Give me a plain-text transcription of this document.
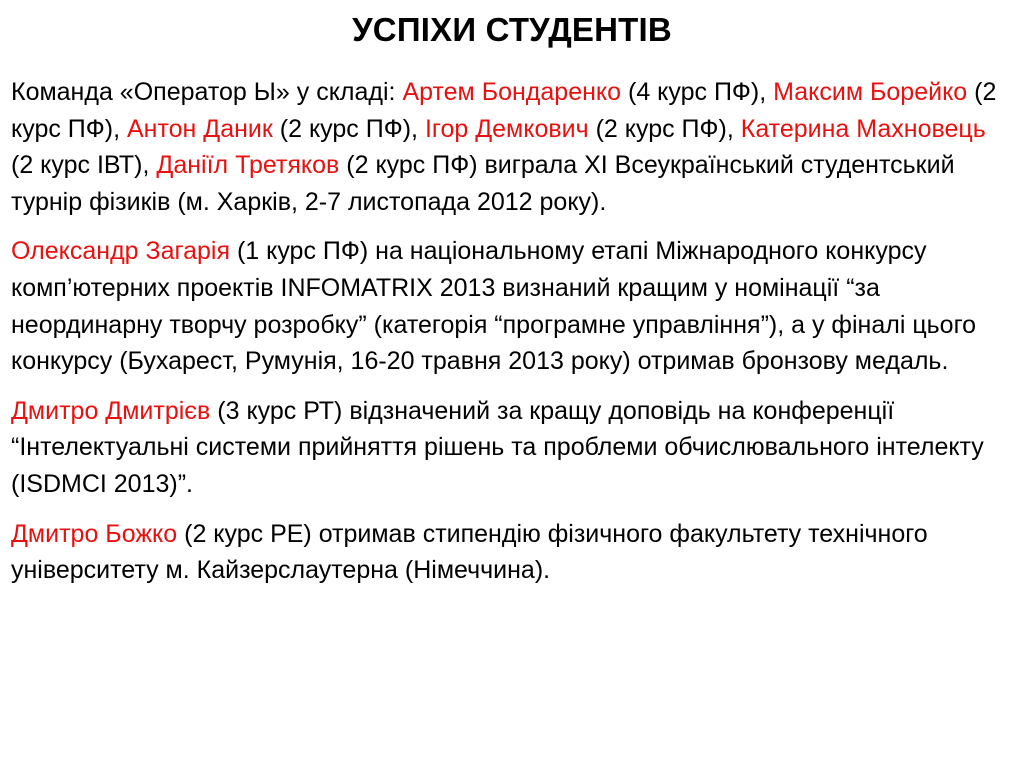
УСПІХИ СТУДЕНТІВ

Команда «Оператор Ы» у складі: Артем Бондаренко (4 курс ПФ), Максим Борейко (2 курс ПФ), Антон Даник (2 курс ПФ), Ігор Демкович (2 курс ПФ), Катерина Махновець (2 курс ІВТ), Даніїл Третяков (2 курс ПФ) виграла ХІ Всеукраїнський студентський турнір фізиків (м. Харків, 2-7 листопада 2012 року).

Олександр Загарія (1 курс ПФ) на національному етапі Міжнародного конкурсу комп’ютерних проектів INFOMATRIX 2013 визнаний кращим у номінації “за неординарну творчу розробку” (категорія “програмне управління”), а у фіналі цього конкурсу (Бухарест, Румунія, 16-20 травня 2013 року) отримав бронзову медаль.

Дмитро Дмитрієв (3 курс РТ) відзначений за кращу доповідь на конференції “Інтелектуальні системи прийняття рішень та проблеми обчислювального інтелекту (ISDMCI 2013)”.

Дмитро Божко (2 курс РЕ) отримав стипендію фізичного факультету технічного університету м. Кайзерслаутерна (Німеччина).
